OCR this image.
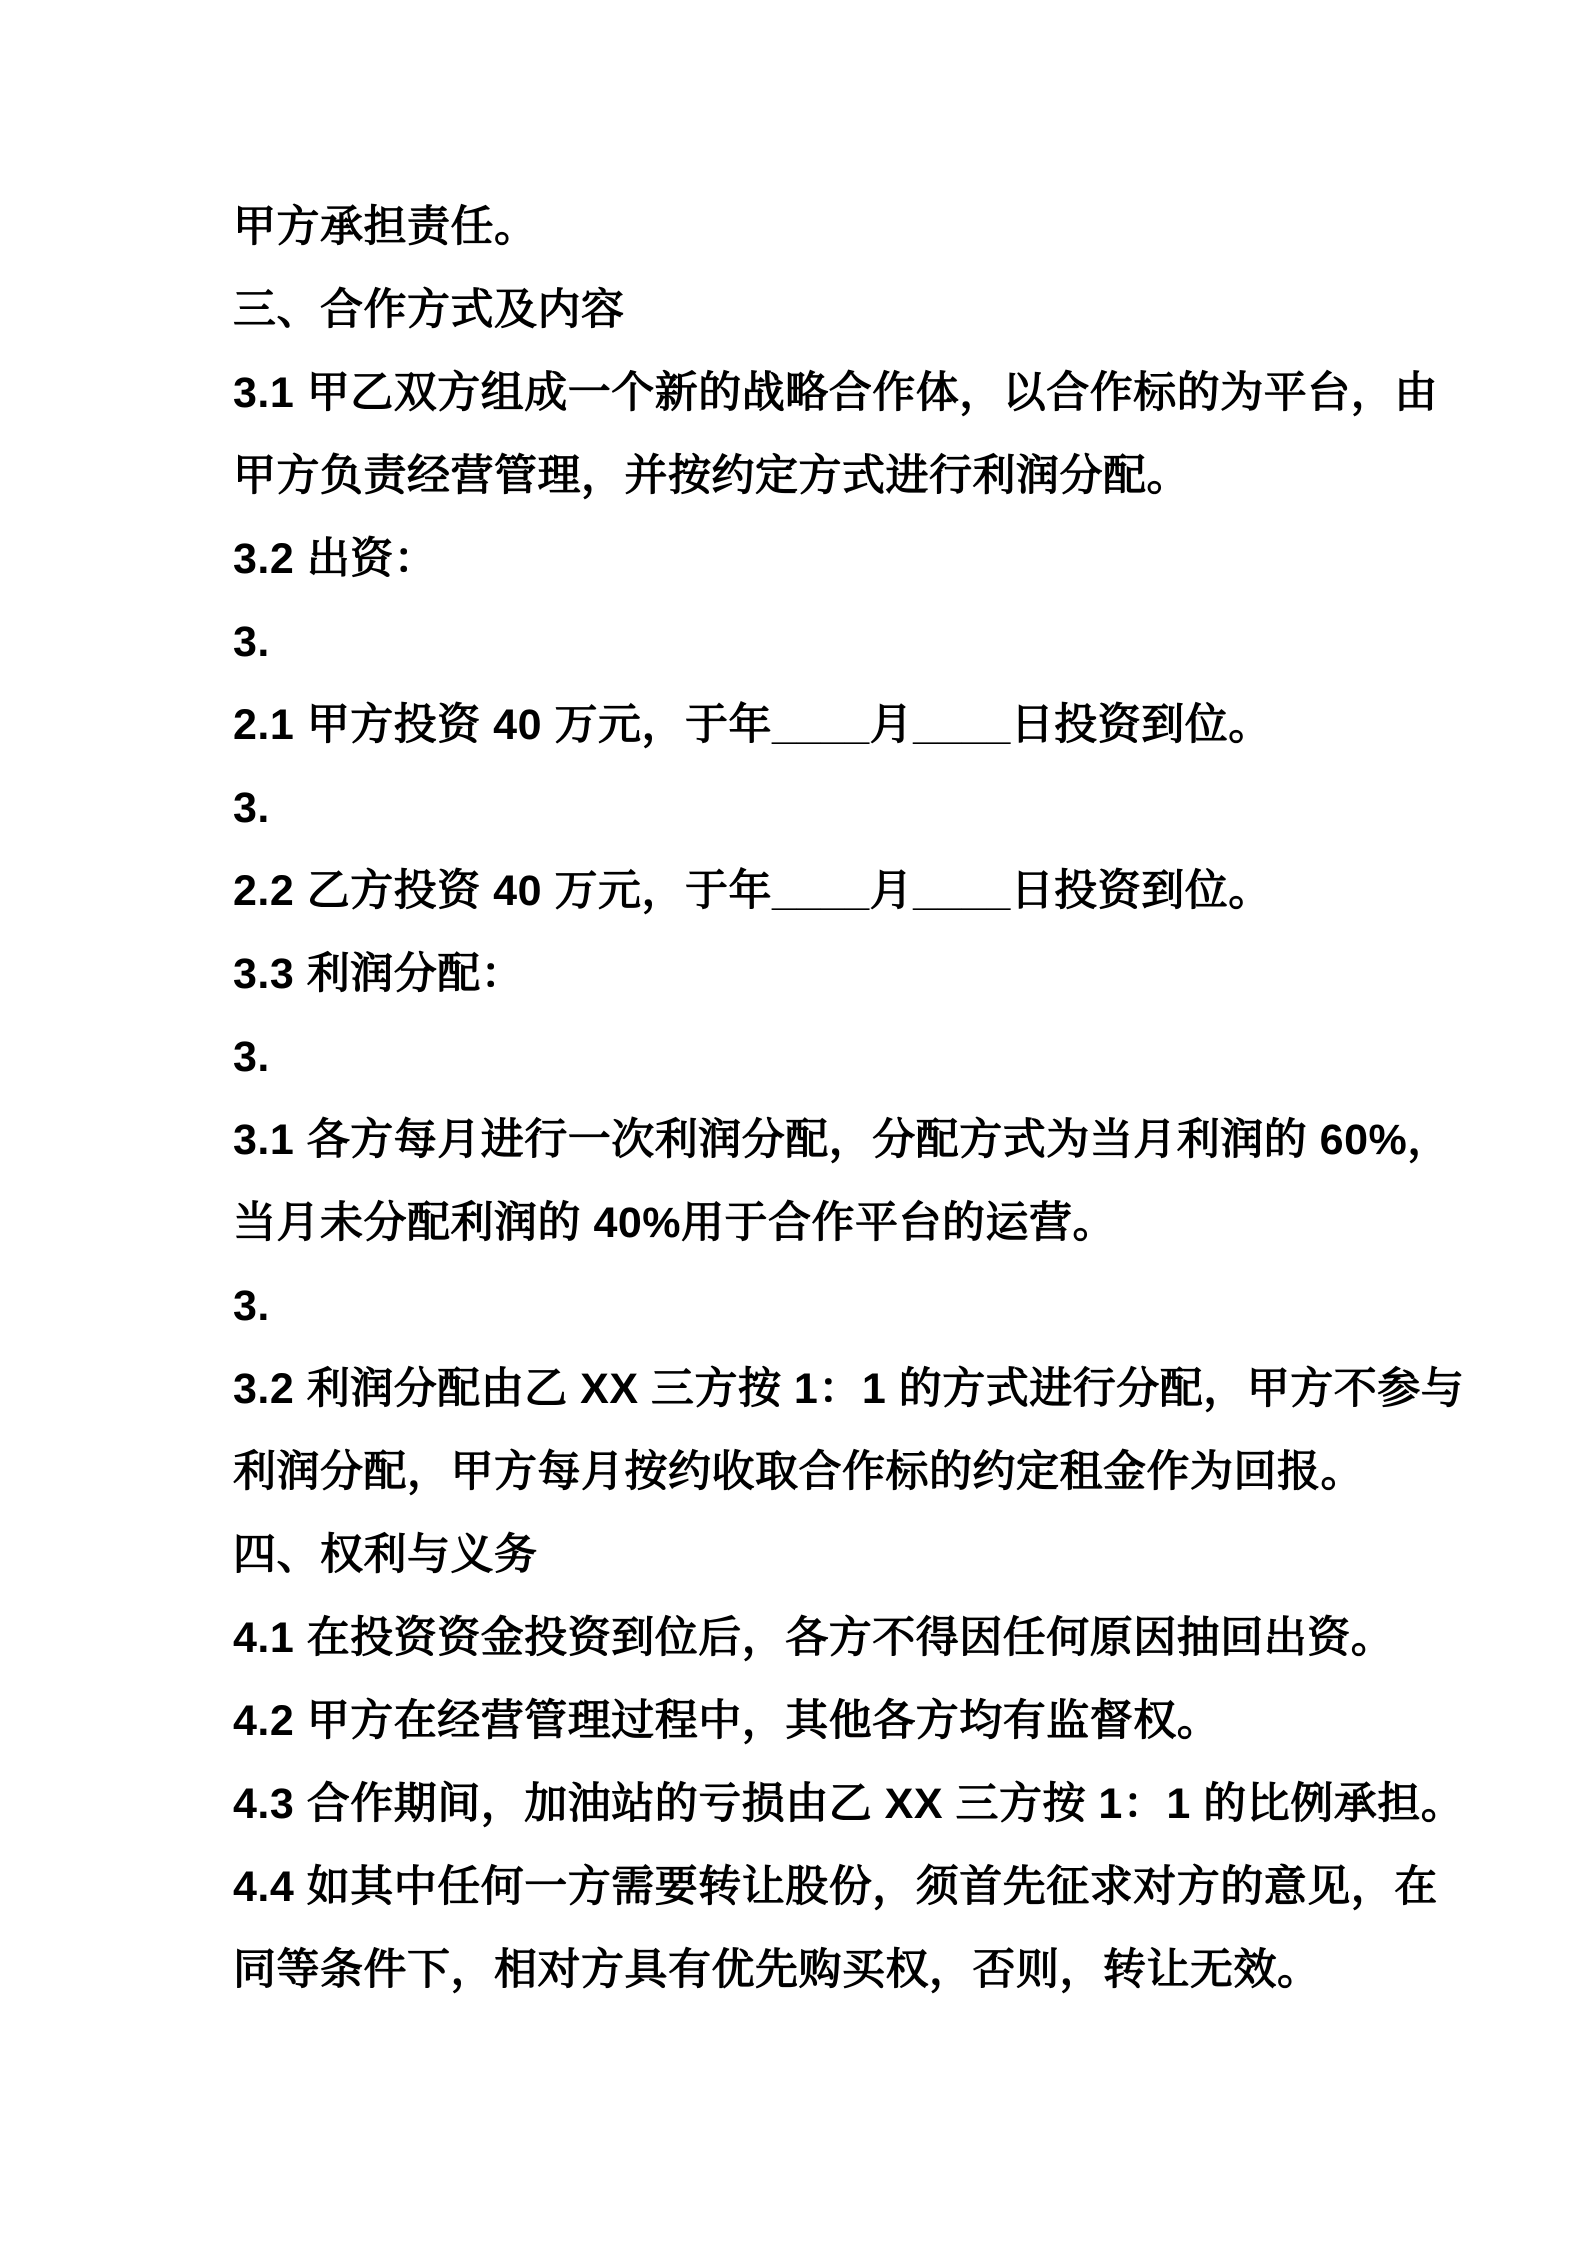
甲方承担责任。
三、合作方式及内容
3.1 甲乙双方组成一个新的战略合作体，以合作标的为平台，由
甲方负责经营管理，并按约定方式进行利润分配。
3.2 出资：
3.
2.1 甲方投资 40 万元，于年____月____日投资到位。
3.
2.2 乙方投资 40 万元，于年____月____日投资到位。
3.3 利润分配：
3.
3.1 各方每月进行一次利润分配，分配方式为当月利润的 60%，
当月未分配利润的 40%用于合作平台的运营。
3.
3.2 利润分配由乙 XX 三方按 1：1 的方式进行分配，甲方不参与
利润分配，甲方每月按约收取合作标的约定租金作为回报。
四、权利与义务
4.1 在投资资金投资到位后，各方不得因任何原因抽回出资。
4.2 甲方在经营管理过程中，其他各方均有监督权。
4.3 合作期间，加油站的亏损由乙 XX 三方按 1：1 的比例承担。
4.4 如其中任何一方需要转让股份，须首先征求对方的意见，在
同等条件下，相对方具有优先购买权，否则，转让无效。
